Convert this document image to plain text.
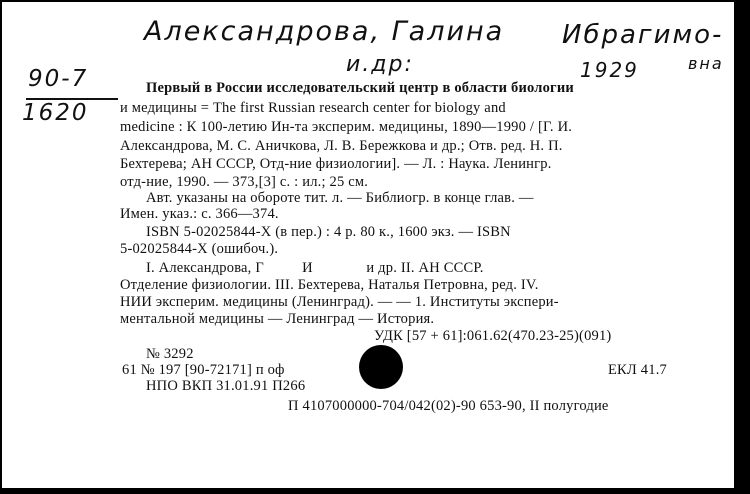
Александрова, Галина Ибрагимо-
вна
и.др:	1929
90-7
1620
Первый в России исследовательский центр в области биологии
и медицины = The first Russian research center for biology and
medicine : К 100-летию Ин-та эксперим. медицины, 1890—1990 / [Г. И.
Александрова, М. С. Аничкова, Л. В. Бережкова и др.; Отв. ред. Н. П.
Бехтерева; АН СССР, Отд-ние физиологии]. — Л. : Наука. Ленингр.
отд-ние, 1990. — 373,[3] с. : ил.; 25 см.
Авт. указаны на обороте тит. л. — Библиогр. в конце глав. —
Имен. указ.: с. 366—374.
ISBN 5-02025844-X (в пер.) : 4 р. 80 к., 1600 экз. — ISBN
5-02025844-X (ошибоч.).
I. Александрова, Г          И              и др. II. АН СССР.
Отделение физиологии. III. Бехтерева, Наталья Петровна, ред. IV.
НИИ эксперим. медицины (Ленинград). — — 1. Институты экспери-
ментальной медицины — Ленинград — История.
УДК [57 + 61]:061.62(470.23-25)(091)
№ 3292
61 № 197 [90-72171] п оф	ЕКЛ 41.7
НПО ВКП 31.01.91 П266
П 4107000000-704/042(02)-90 653-90, II полугодие
